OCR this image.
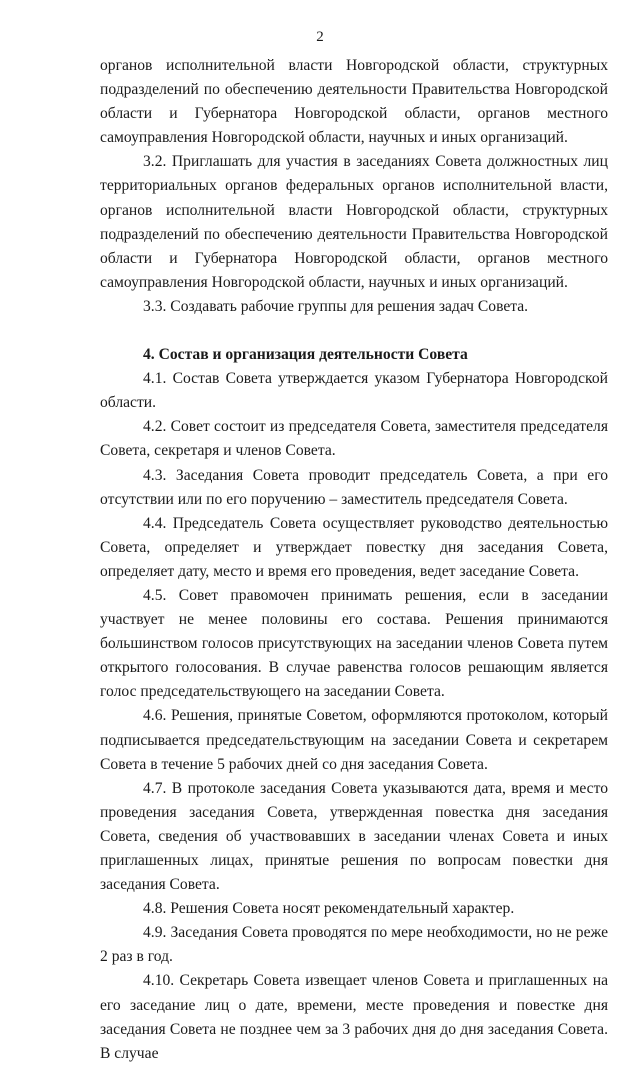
2

органов исполнительной власти Новгородской области, структурных подразделений по обеспечению деятельности Правительства Новгородской области и Губернатора Новгородской области, органов местного самоуправления Новгородской области, научных и иных организаций.

3.2. Приглашать для участия в заседаниях Совета должностных лиц территориальных органов федеральных органов исполнительной власти, органов исполнительной власти Новгородской области, структурных подразделений по обеспечению деятельности Правительства Новгородской области и Губернатора Новгородской области, органов местного самоуправления Новгородской области, научных и иных организаций.

3.3. Создавать рабочие группы для решения задач Совета.

4. Состав и организация деятельности Совета

4.1. Состав Совета утверждается указом Губернатора Новгородской области.

4.2. Совет состоит из председателя Совета, заместителя председателя Совета, секретаря и членов Совета.

4.3. Заседания Совета проводит председатель Совета, а при его отсутствии или по его поручению – заместитель председателя Совета.

4.4. Председатель Совета осуществляет руководство деятельностью Совета, определяет и утверждает повестку дня заседания Совета, определяет дату, место и время его проведения, ведет заседание Совета.

4.5. Совет правомочен принимать решения, если в заседании участвует не менее половины его состава. Решения принимаются большинством голосов присутствующих на заседании членов Совета путем открытого голосования. В случае равенства голосов решающим является голос председательствующего на заседании Совета.

4.6. Решения, принятые Советом, оформляются протоколом, который подписывается председательствующим на заседании Совета и секретарем Совета в течение 5 рабочих дней со дня заседания Совета.

4.7. В протоколе заседания Совета указываются дата, время и место проведения заседания Совета, утвержденная повестка дня заседания Совета, сведения об участвовавших в заседании членах Совета и иных приглашенных лицах, принятые решения по вопросам повестки дня заседания Совета.

4.8. Решения Совета носят рекомендательный характер.

4.9. Заседания Совета проводятся по мере необходимости, но не реже 2 раз в год.

4.10. Секретарь Совета извещает членов Совета и приглашенных на его заседание лиц о дате, времени, месте проведения и повестке дня заседания Совета не позднее чем за 3 рабочих дня до дня заседания Совета. В случае
